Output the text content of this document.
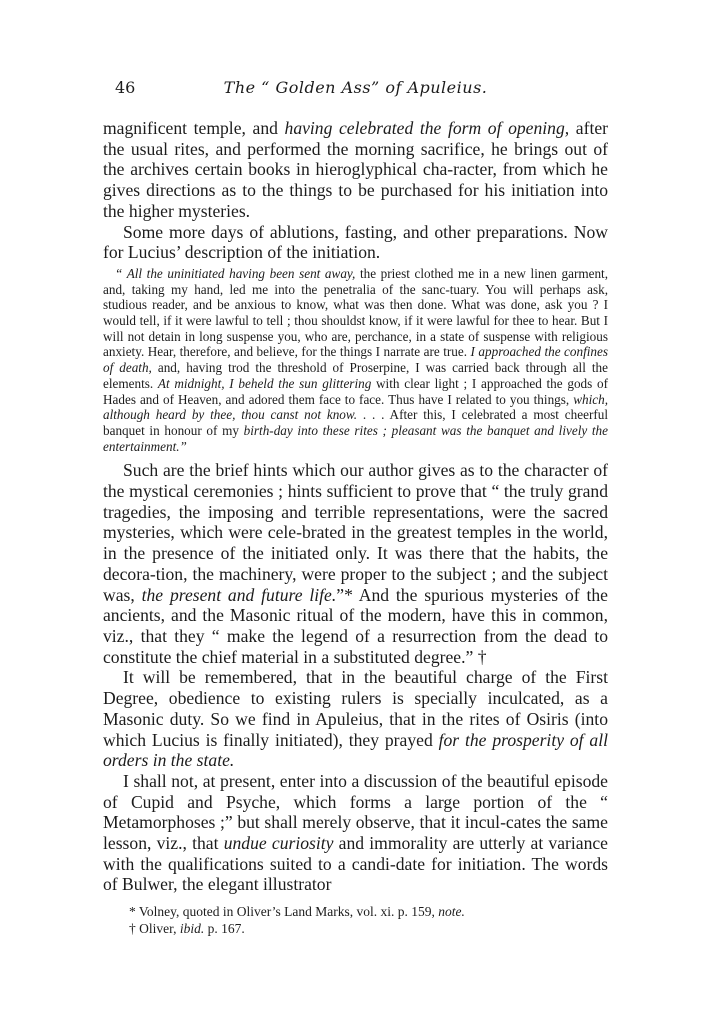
46	The “ Golden Ass” of Apuleius.

magnificent temple, and having celebrated the form of opening, after the usual rites, and performed the morning sacrifice, he brings out of the archives certain books in hieroglyphical cha-racter, from which he gives directions as to the things to be purchased for his initiation into the higher mysteries.

Some more days of ablutions, fasting, and other preparations. Now for Lucius’ description of the initiation.

“ All the uninitiated having been sent away, the priest clothed me in a new linen garment, and, taking my hand, led me into the penetralia of the sanc-tuary. You will perhaps ask, studious reader, and be anxious to know, what was then done. What was done, ask you ? I would tell, if it were lawful to tell ; thou shouldst know, if it were lawful for thee to hear. But I will not detain in long suspense you, who are, perchance, in a state of suspense with religious anxiety. Hear, therefore, and believe, for the things I narrate are true. I approached the confines of death, and, having trod the threshold of Proserpine, I was carried back through all the elements. At midnight, I beheld the sun glittering with clear light ; I approached the gods of Hades and of Heaven, and adored them face to face. Thus have I related to you things, which, although heard by thee, thou canst not know. . . . After this, I celebrated a most cheerful banquet in honour of my birth-day into these rites ; pleasant was the banquet and lively the entertainment.”

Such are the brief hints which our author gives as to the character of the mystical ceremonies ; hints sufficient to prove that “ the truly grand tragedies, the imposing and terrible representations, were the sacred mysteries, which were cele-brated in the greatest temples in the world, in the presence of the initiated only. It was there that the habits, the decora-tion, the machinery, were proper to the subject ; and the subject was, the present and future life.”* And the spurious mysteries of the ancients, and the Masonic ritual of the modern, have this in common, viz., that they “ make the legend of a resurrection from the dead to constitute the chief material in a substituted degree.” †

It will be remembered, that in the beautiful charge of the First Degree, obedience to existing rulers is specially inculcated, as a Masonic duty. So we find in Apuleius, that in the rites of Osiris (into which Lucius is finally initiated), they prayed for the prosperity of all orders in the state.

I shall not, at present, enter into a discussion of the beautiful episode of Cupid and Psyche, which forms a large portion of the “ Metamorphoses ;” but shall merely observe, that it incul-cates the same lesson, viz., that undue curiosity and immorality are utterly at variance with the qualifications suited to a candi-date for initiation. The words of Bulwer, the elegant illustrator

* Volney, quoted in Oliver’s Land Marks, vol. xi. p. 159, note.

† Oliver, ibid. p. 167.
